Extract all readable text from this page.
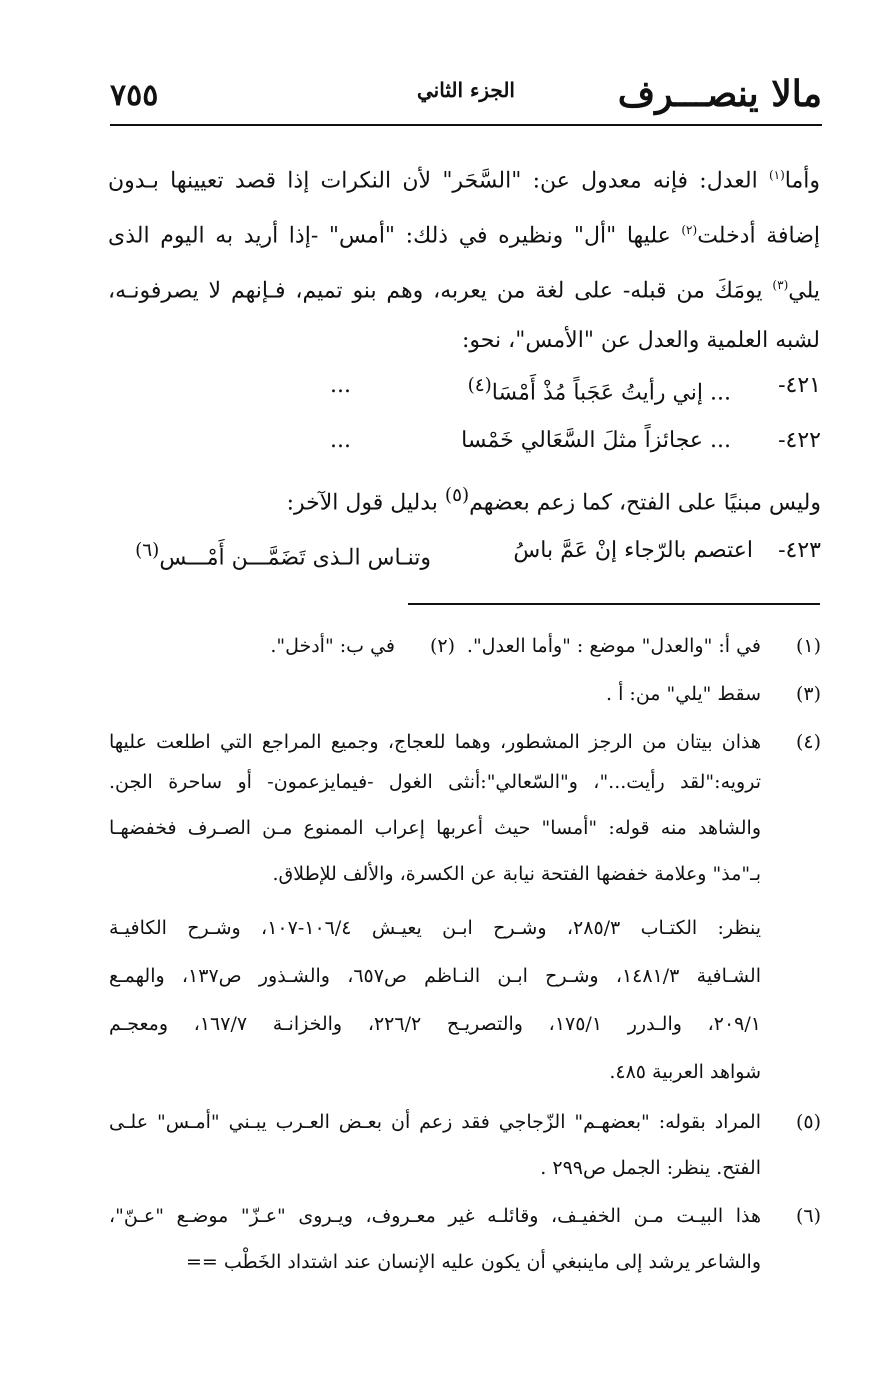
مالا ينصـــرف
الجزء الثاني
٧٥٥
وأما$^{(١)}$ العدل: فإنه معدول عن: "السَّحَر" لأن النكرات إذا قصد تعيينها بـدون
إضافة أدخلت$^{(٢)}$ عليها "أل" ونظيره في ذلك: "أمس" -إذا أريد به اليوم الذى
يلي$^{(٣)}$ يومَكَ من قبله- على لغة من يعربه، وهم بنو تميم، فـإنهم لا يصرفونـه،
لشبه العلمية والعدل عن "الأمس"، نحو:
٤٢١-
... إني رأيتُ عَجَباً مُذْ أَمْسَا$^{(٤)}$
...
٤٢٢-
... عجائزاً مثلَ السَّعَالي خَمْسا
...
وليس مبنيًا على الفتح، كما زعم بعضهم$^{(٥)}$ بدليل قول الآخر:
٤٢٣-
اعتصم بالرّجاء إنْ عَمَّ باسُ
وتنـاس الـذى تَضَمَّـــن أَمْـــس$^{(٦)}$
(١)
في أ: "والعدل" موضع : "وأما العدل".
(٢)
في ب: "أدخل".
(٣)
سقط "يلي" من: أ .
(٤)
هذان بيتان من الرجز المشطور، وهما للعجاج، وجميع المراجع التي اطلعت عليها
ترويه:"لقد رأيت..."، و"السّعالي":أنثى الغول -فيمايزعمون- أو ساحرة الجن.
والشاهد منه قوله: "أمسا" حيث أعربها إعراب الممنوع مـن الصـرف فخفضهـا
بـ"مذ" وعلامة خفضها الفتحة نيابة عن الكسرة، والألف للإطلاق.
ينظر: الكتـاب ٢٨٥/٣، وشـرح ابـن يعيـش ١٠٦/٤-١٠٧، وشـرح الكافيـة
الشـافية ١٤٨١/٣، وشـرح ابـن النـاظم ص٦٥٧، والشـذور ص١٣٧، والهمـع
٢٠٩/١، والـدرر ١٧٥/١، والتصريـح ٢٢٦/٢، والخزانـة ١٦٧/٧، ومعجـم
شواهد العربية ٤٨٥.
(٥)
المراد بقوله: "بعضهـم" الزّجاجي فقد زعم أن بعـض العـرب يبـني "أمـس" علـى
الفتح. ينظر: الجمل ص٢٩٩ .
(٦)
هذا البيـت مـن الخفيـف، وقائلـه غير معـروف، ويـروى "عـزّ" موضـع "عـنّ"،
والشاعر يرشد إلى ماينبغي أن يكون عليه الإنسان عند اشتداد الخَطْب ==
